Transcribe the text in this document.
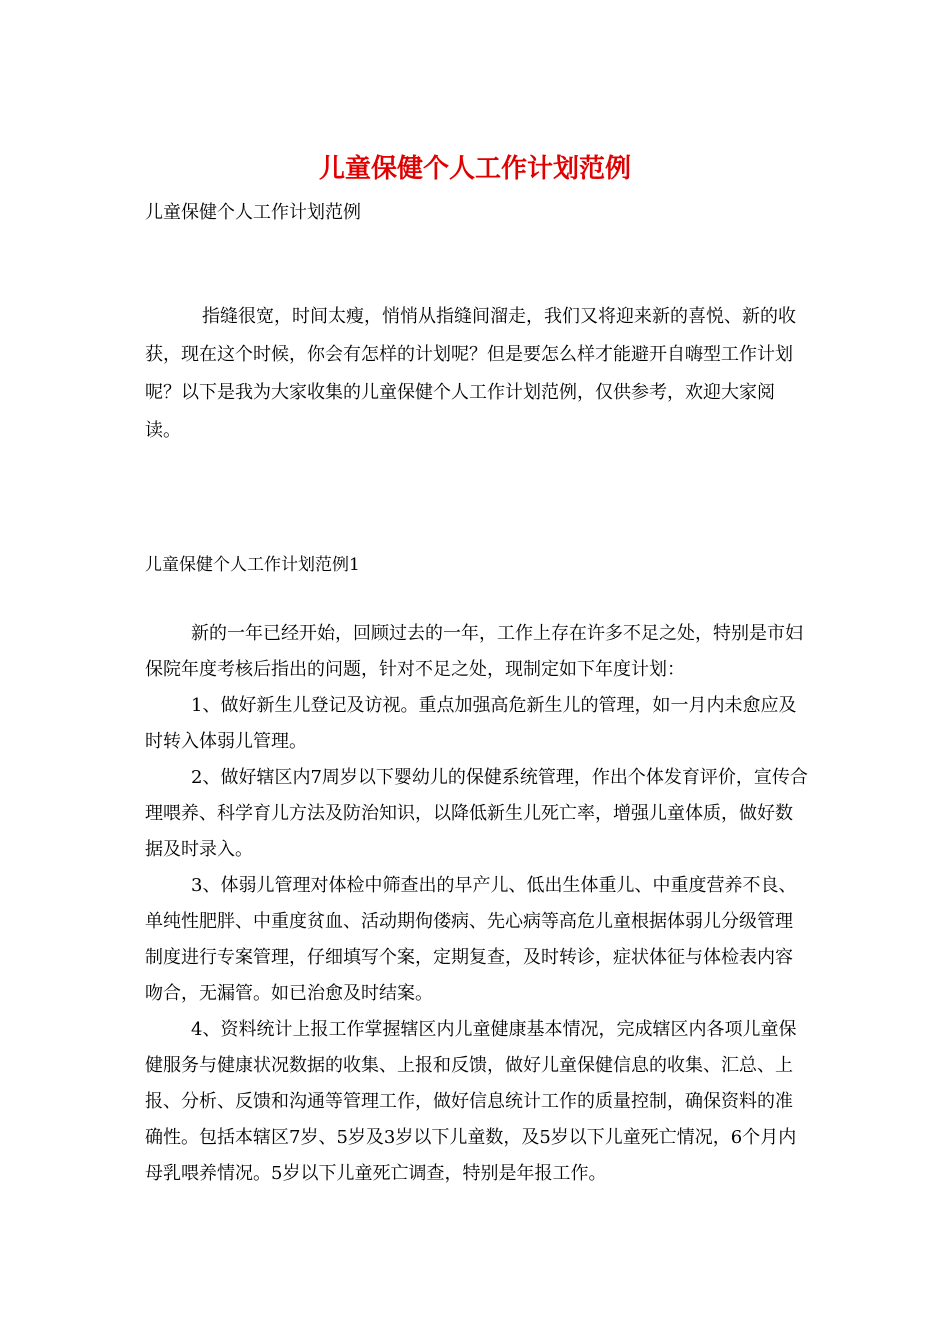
儿童保健个人工作计划范例
儿童保健个人工作计划范例

指缝很宽，时间太瘦，悄悄从指缝间溜走，我们又将迎来新的喜悦、新的收获，现在这个时候，你会有怎样的计划呢？但是要怎么样才能避开自嗨型工作计划呢？以下是我为大家收集的儿童保健个人工作计划范例，仅供参考，欢迎大家阅读。

儿童保健个人工作计划范例1

新的一年已经开始，回顾过去的一年，工作上存在许多不足之处，特别是市妇保院年度考核后指出的问题，针对不足之处，现制定如下年度计划：

1、做好新生儿登记及访视。重点加强高危新生儿的管理，如一月内未愈应及时转入体弱儿管理。

2、做好辖区内7周岁以下婴幼儿的保健系统管理，作出个体发育评价，宣传合理喂养、科学育儿方法及防治知识，以降低新生儿死亡率，增强儿童体质，做好数据及时录入。

3、体弱儿管理对体检中筛查出的早产儿、低出生体重儿、中重度营养不良、单纯性肥胖、中重度贫血、活动期佝偻病、先心病等高危儿童根据体弱儿分级管理制度进行专案管理，仔细填写个案，定期复查，及时转诊，症状体征与体检表内容吻合，无漏管。如已治愈及时结案。

4、资料统计上报工作掌握辖区内儿童健康基本情况，完成辖区内各项儿童保健服务与健康状况数据的收集、上报和反馈，做好儿童保健信息的收集、汇总、上报、分析、反馈和沟通等管理工作，做好信息统计工作的质量控制，确保资料的准确性。包括本辖区7岁、5岁及3岁以下儿童数，及5岁以下儿童死亡情况，6个月内母乳喂养情况。5岁以下儿童死亡调查，特别是年报工作。
